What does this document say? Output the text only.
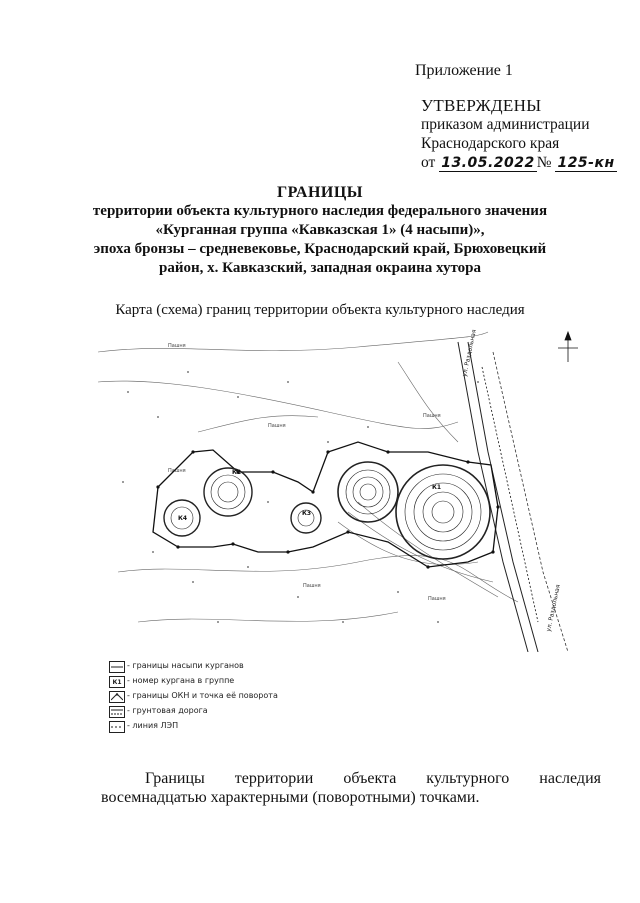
Приложение 1
УТВЕРЖДЕНЫ
приказом администрации
Краснодарского края
от 13.05.2022 № 125-кн
ГРАНИЦЫ
территории объекта культурного наследия федерального значения
«Курганная группа «Кавказская 1» (4 насыпи)»,
эпоха бронзы – средневековье, Краснодарский край, Брюховецкий
район, х. Кавказский, западная окраина хутора
Карта (схема) границ территории объекта культурного наследия
Пашня
Пашня
Пашня
Пашня
Пашня
Пашня
ул. Раздольная
ул. Раздольная
К2
К4
К3
К1
- границы насыпи курганов
К1 - номер кургана в группе
- границы ОКН и точка её поворота
- грунтовая дорога
- линия ЛЭП
Границы территории объекта культурного наследия
восемнадцатью характерными (поворотными) точками.
